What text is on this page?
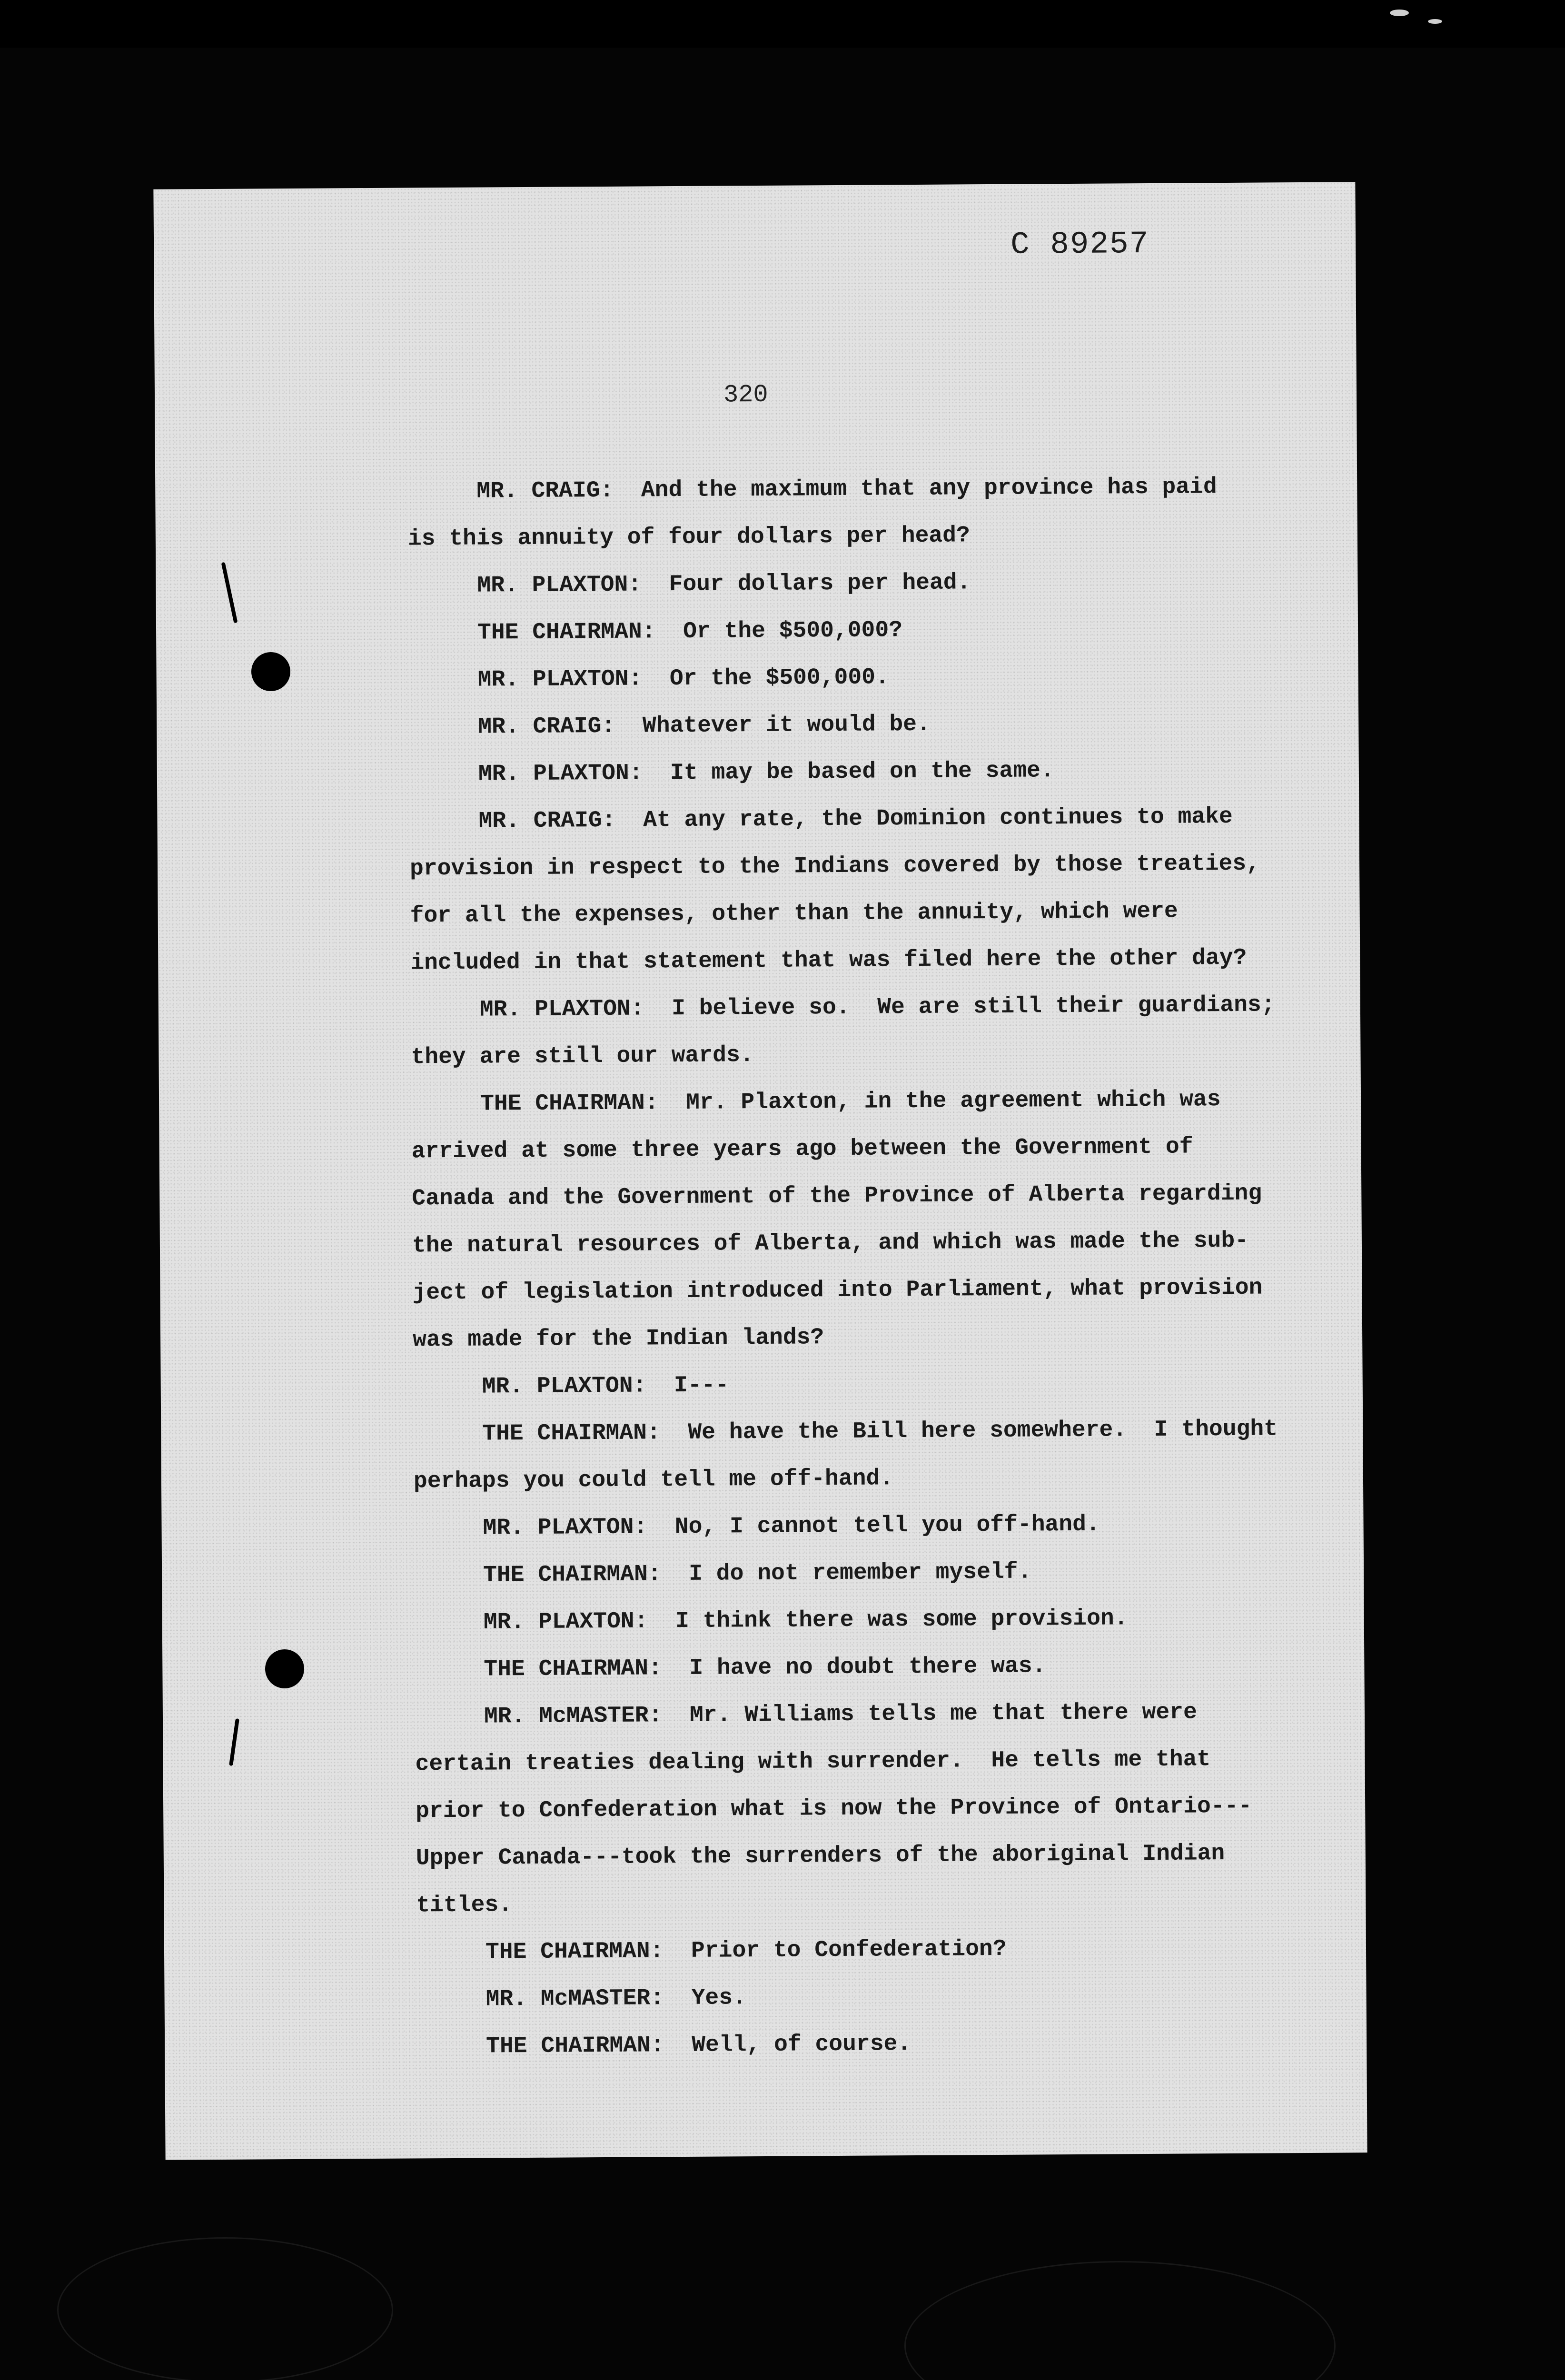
C 89257
320
MR. CRAIG:  And the maximum that any province has paid
is this annuity of four dollars per head?
MR. PLAXTON:  Four dollars per head.
THE CHAIRMAN:  Or the $500,000?
MR. PLAXTON:  Or the $500,000.
MR. CRAIG:  Whatever it would be.
MR. PLAXTON:  It may be based on the same.
MR. CRAIG:  At any rate, the Dominion continues to make
provision in respect to the Indians covered by those treaties,
for all the expenses, other than the annuity, which were
included in that statement that was filed here the other day?
MR. PLAXTON:  I believe so.  We are still their guardians;
they are still our wards.
THE CHAIRMAN:  Mr. Plaxton, in the agreement which was
arrived at some three years ago between the Government of
Canada and the Government of the Province of Alberta regarding
the natural resources of Alberta, and which was made the sub-
ject of legislation introduced into Parliament, what provision
was made for the Indian lands?
MR. PLAXTON:  I---
THE CHAIRMAN:  We have the Bill here somewhere.  I thought
perhaps you could tell me off-hand.
MR. PLAXTON:  No, I cannot tell you off-hand.
THE CHAIRMAN:  I do not remember myself.
MR. PLAXTON:  I think there was some provision.
THE CHAIRMAN:  I have no doubt there was.
MR. McMASTER:  Mr. Williams tells me that there were
certain treaties dealing with surrender.  He tells me that
prior to Confederation what is now the Province of Ontario---
Upper Canada---took the surrenders of the aboriginal Indian
titles.
THE CHAIRMAN:  Prior to Confederation?
MR. McMASTER:  Yes.
THE CHAIRMAN:  Well, of course.
